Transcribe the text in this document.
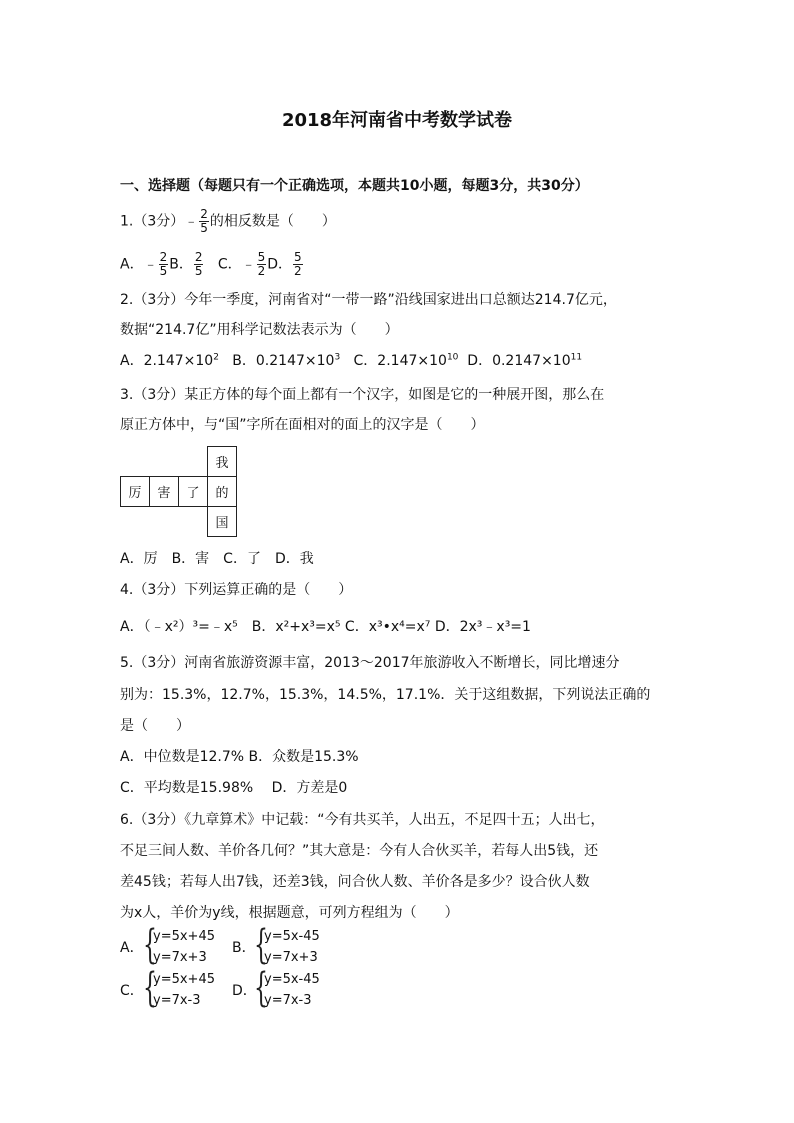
2018年河南省中考数学试卷
一、选择题（每题只有一个正确选项，本题共10小题，每题3分，共30分）
1.（3分）﹣ $\frac{2}{5}$ 的相反数是（　　）
A．﹣ $\frac{2}{5}$ B． $\frac{2}{5}$ C．﹣ $\frac{5}{2}$ D． $\frac{5}{2}$
2.（3分）今年一季度，河南省对“一带一路”沿线国家进出口总额达214.7亿元，
数据“214.7亿”用科学记数法表示为（　　）
A．$2.147\times 10^2$ B．$0.2147\times 10^3$ C．$2.147\times 10^{10}$ D．$0.2147\times 10^{11}$
3.（3分）某正方体的每个面上都有一个汉字，如图是它的一种展开图，那么在
原正方体中，与“国”字所在面相对的面上的汉字是（　　）
			我
厉	害	了	的
			国
A．厉　B．害　C．了　D．我
4.（3分）下列运算正确的是（　　）
A．（﹣x²）³=﹣x⁵　B．x²+x³=x⁵ C．x³•x⁴=x⁷ D．2x³﹣x³=1
5.（3分）河南省旅游资源丰富，2013～2017年旅游收入不断增长，同比增速分
别为：15.3%，12.7%，15.3%，14.5%，17.1%．关于这组数据，下列说法正确的
是（　　）
A．中位数是12.7% B．众数是15.3%
C．平均数是15.98%　 D．方差是0
6.（3分）《九章算术》中记载：“今有共买羊，人出五，不足四十五；人出七，
不足三间人数、羊价各几何？”其大意是：今有人合伙买羊，若每人出5钱，还
差45钱；若每人出7钱，还差3钱，问合伙人数、羊价各是多少？设合伙人数
为x人，羊价为y线，根据题意，可列方程组为（　　）
A． {
y=5x+45
y=7x+3
B．
{
y=5x-45
y=7x+3
C． {
y=5x+45
y=7x-3
D．
{
y=5x-45
y=7x-3
